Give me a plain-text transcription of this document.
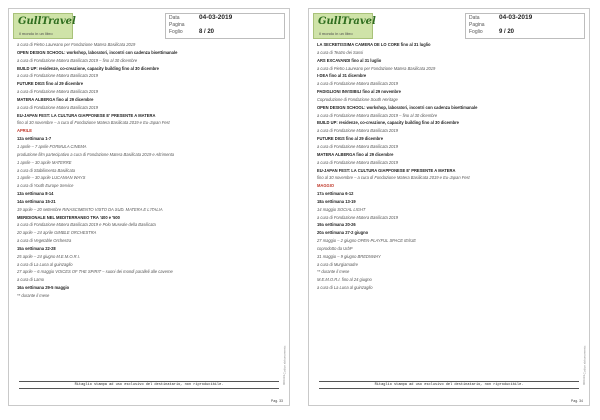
GullTravel
il mondo in un libro
Data	04-03-2019
Pagina
Foglio	8 / 20
a cura di Pietro Laureano per Fondazione Matera Basilicata 2019
OPEN DESIGN SCHOOL: workshop, laboratori, incontri con cadenza bisettimanale
a cura di Fondazione Matera Basilicata 2019 – fino al 30 dicembre
BUILD UP: residenze, co-creazione, capacity building fino al 30 dicembre
a cura di Fondazione Matera Basilicata 2019
FUTURE DIGS fino al 29 dicembre
a cura di Fondazione Matera Basilicata 2019
MATERA ALBERGA fino al 29 dicembre
a cura di Fondazione Matera Basilicata 2019
EU-JAPAN FEST: LA CULTURA GIAPPONESE E' PRESENTE A MATERA
fino al 30 novembre – a cura di Fondazione Matera Basilicata 2019 e Eu-Japan Fest
APRILE
12a settimana 1-7
1 aprile – 7 aprile FORMULA CINEMA
produzione film partecipativo a cura di Fondazione Matera Basilicata 2019 e Altrimenta
1 aprile – 30 aprile MATERRE
a cura di Stabilimenta Basilicata
1 aprile – 30 aprile LUCANIAN WAYS
a cura di Youth Europe Service
13a settimana 8-14
14a settimana 15-21
19 aprile – 20 settembre RINASCIMENTO VISTO DA SUD. MATERA E L'ITALIA
MERIDIONALE NEL MEDITERRANEO TRA '400 e '500
a cura di Fondazione Matera Basilicata 2019 e Polo Museale della Basilicata
20 aprile – 24 aprile GIMBLE ORCHESTRA
a cura di Vegetable Orchestra
15a settimana 22-28
25 aprile – 24 giugno M.E.M.O.R.I.
a cura di La Luna al guinzaglio
27 aprile – 6 maggio VOICES OF THE SPIRIT – suoni dei mondi paralleli alle caverne
a cura di Lamo
16a settimana 29-5 maggio
** durante il mese
Codice abbonamento:
000319
Ritaglio stampa ad uso esclusivo del destinatario, non riproducibile.
Pag. 33
GullTravel
il mondo in un libro
Data	04-03-2019
Pagina
Foglio	9 / 20
LA SECRETISSIMA CAMERA DE LO CORE fino al 31 luglio
a cura di Teatro dei Sassi
ARS EXCAVANDI fino al 31 luglio
a cura di Pietro Laureano per Fondazione Matera Basilicata 2019
I-DEA fino al 31 dicembre
a cura di Fondazione Matera Basilicata 2019
PADIGLIONI INVISIBILI fino al 29 novembre
Coproduzione di Fondazione South Heritage
OPEN DESIGN SCHOOL: workshop, laboratori, incontri con cadenza bisettimanale
a cura di Fondazione Matera Basilicata 2019 – fino al 30 dicembre
BUILD UP: residenze, co-creazione, capacity building fino al 30 dicembre
a cura di Fondazione Matera Basilicata 2019
FUTURE DIGS fino al 29 dicembre
a cura di Fondazione Matera Basilicata 2019
MATERA ALBERGA fino al 29 dicembre
a cura di Fondazione Matera Basilicata 2019
EU-JAPAN FEST: LA CULTURA GIAPPONESE E' PRESENTE A MATERA
fino al 30 novembre – a cura di Fondazione Matera Basilicata 2019 e Eu-Japan Fest
MAGGIO
17a settimana 6-12
18a settimana 13-19
14 maggio SOCIAL LIGHT
a cura di Fondazione Matera Basilicata 2019
19a settimana 20-26
20a settimana 27-2 giugno
27 maggio – 2 giugno OPEN-PLAYFUL SPACE IE/IUE
coprodotto da UrbP
31 maggio – 9 giugno BREDNWAY
a cura di Murgiamadre
** durante il mese
M.E.M.O.R.I. fino al 24 giugno
a cura di La Luna al guinzaglio
Codice abbonamento:
000319
Ritaglio stampa ad uso esclusivo del destinatario, non riproducibile.
Pag. 34
